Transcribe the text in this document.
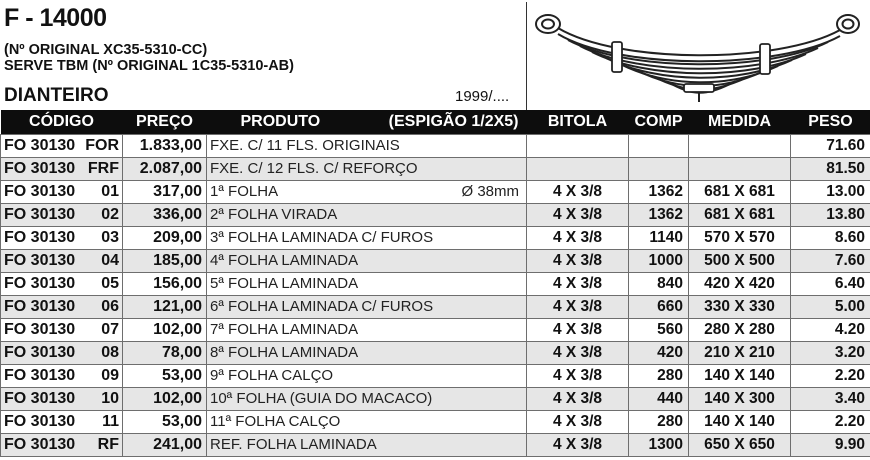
F - 14000
(Nº ORIGINAL XC35-5310-CC)
SERVE TBM (Nº ORIGINAL 1C35-5310-AB)
DIANTEIRO	1999/....
CÓDIGO	PREÇO	PRODUTO (ESPIGÃO 1/2X5)	BITOLA	COMP	MEDIDA	PESO

FO 30130 FOR	1.833,00	FXE. C/ 11 FLS. ORIGINAIS				71.60

FO 30130 FRF	2.087,00	FXE. C/ 12 FLS. C/ REFORÇO				81.50

FO 30130 01	317,00	1ª FOLHA Ø 38mm	4 X 3/8	1362	681 X 681	13.00

FO 30130 02	336,00	2ª FOLHA VIRADA	4 X 3/8	1362	681 X 681	13.80

FO 30130 03	209,00	3ª FOLHA LAMINADA C/ FUROS	4 X 3/8	1140	570 X 570	8.60

FO 30130 04	185,00	4ª FOLHA LAMINADA	4 X 3/8	1000	500 X 500	7.60

FO 30130 05	156,00	5ª FOLHA LAMINADA	4 X 3/8	840	420 X 420	6.40

FO 30130 06	121,00	6ª FOLHA LAMINADA C/ FUROS	4 X 3/8	660	330 X 330	5.00

FO 30130 07	102,00	7ª FOLHA LAMINADA	4 X 3/8	560	280 X 280	4.20

FO 30130 08	78,00	8ª FOLHA LAMINADA	4 X 3/8	420	210 X 210	3.20

FO 30130 09	53,00	9ª FOLHA CALÇO	4 X 3/8	280	140 X 140	2.20

FO 30130 10	102,00	10ª FOLHA (GUIA DO MACACO)	4 X 3/8	440	140 X 300	3.40

FO 30130 11	53,00	11ª FOLHA CALÇO	4 X 3/8	280	140 X 140	2.20

FO 30130 RF	241,00	REF. FOLHA LAMINADA	4 X 3/8	1300	650 X 650	9.90
